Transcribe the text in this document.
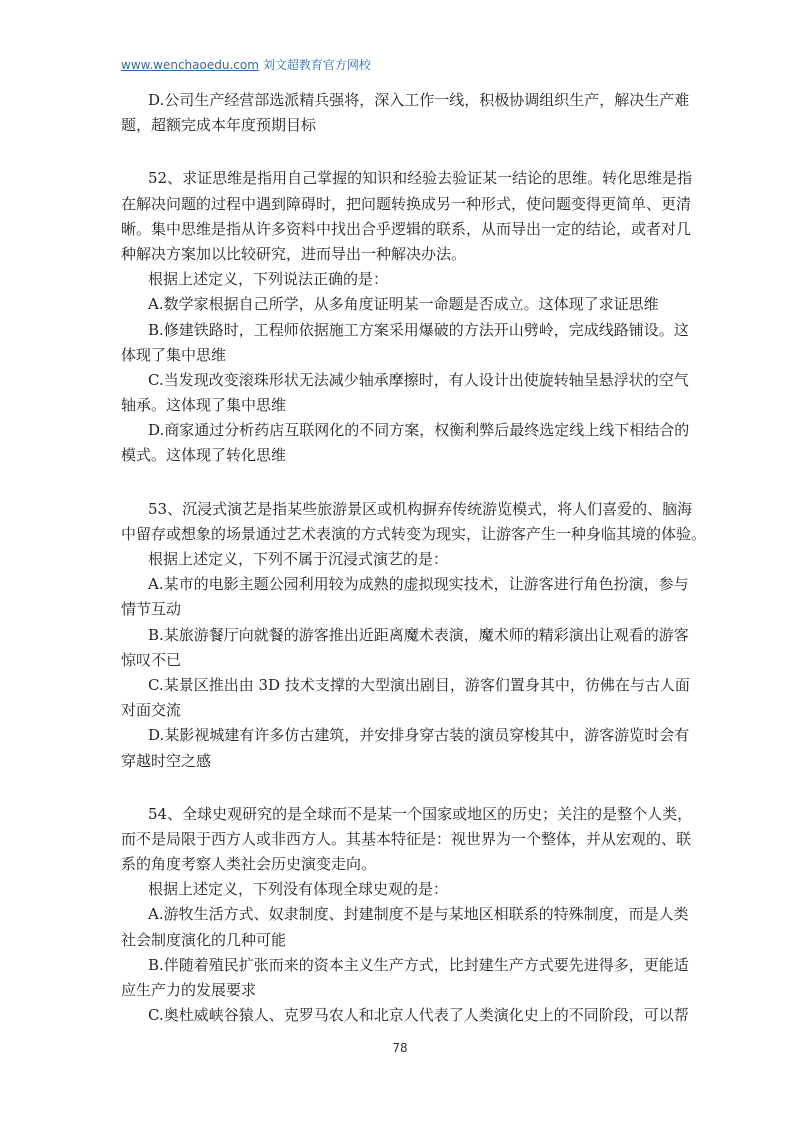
www.wenchaoedu.com 刘文超教育官方网校
D.公司生产经营部选派精兵强将，深入工作一线，积极协调组织生产，解决生产难
题，超额完成本年度预期目标
52、求证思维是指用自己掌握的知识和经验去验证某一结论的思维。转化思维是指
在解决问题的过程中遇到障碍时，把问题转换成另一种形式，使问题变得更简单、更清
晰。集中思维是指从许多资料中找出合乎逻辑的联系，从而导出一定的结论，或者对几
种解决方案加以比较研究，进而导出一种解决办法。
根据上述定义，下列说法正确的是：
A.数学家根据自己所学，从多角度证明某一命题是否成立。这体现了求证思维
B.修建铁路时，工程师依据施工方案采用爆破的方法开山劈岭，完成线路铺设。这
体现了集中思维
C.当发现改变滚珠形状无法减少轴承摩擦时，有人设计出使旋转轴呈悬浮状的空气
轴承。这体现了集中思维
D.商家通过分析药店互联网化的不同方案，权衡利弊后最终选定线上线下相结合的
模式。这体现了转化思维
53、沉浸式演艺是指某些旅游景区或机构摒弃传统游览模式，将人们喜爱的、脑海
中留存或想象的场景通过艺术表演的方式转变为现实，让游客产生一种身临其境的体验。
根据上述定义，下列不属于沉浸式演艺的是：
A.某市的电影主题公园利用较为成熟的虚拟现实技术，让游客进行角色扮演，参与
情节互动
B.某旅游餐厅向就餐的游客推出近距离魔术表演，魔术师的精彩演出让观看的游客
惊叹不已
C.某景区推出由 3D 技术支撑的大型演出剧目，游客们置身其中，彷佛在与古人面
对面交流
D.某影视城建有许多仿古建筑，并安排身穿古装的演员穿梭其中，游客游览时会有
穿越时空之感
54、全球史观研究的是全球而不是某一个国家或地区的历史；关注的是整个人类，
而不是局限于西方人或非西方人。其基本特征是：视世界为一个整体，并从宏观的、联
系的角度考察人类社会历史演变走向。
根据上述定义，下列没有体现全球史观的是：
A.游牧生活方式、奴隶制度、封建制度不是与某地区相联系的特殊制度，而是人类
社会制度演化的几种可能
B.伴随着殖民扩张而来的资本主义生产方式，比封建生产方式要先进得多，更能适
应生产力的发展要求
C.奥杜威峡谷猿人、克罗马农人和北京人代表了人类演化史上的不同阶段，可以帮
78
